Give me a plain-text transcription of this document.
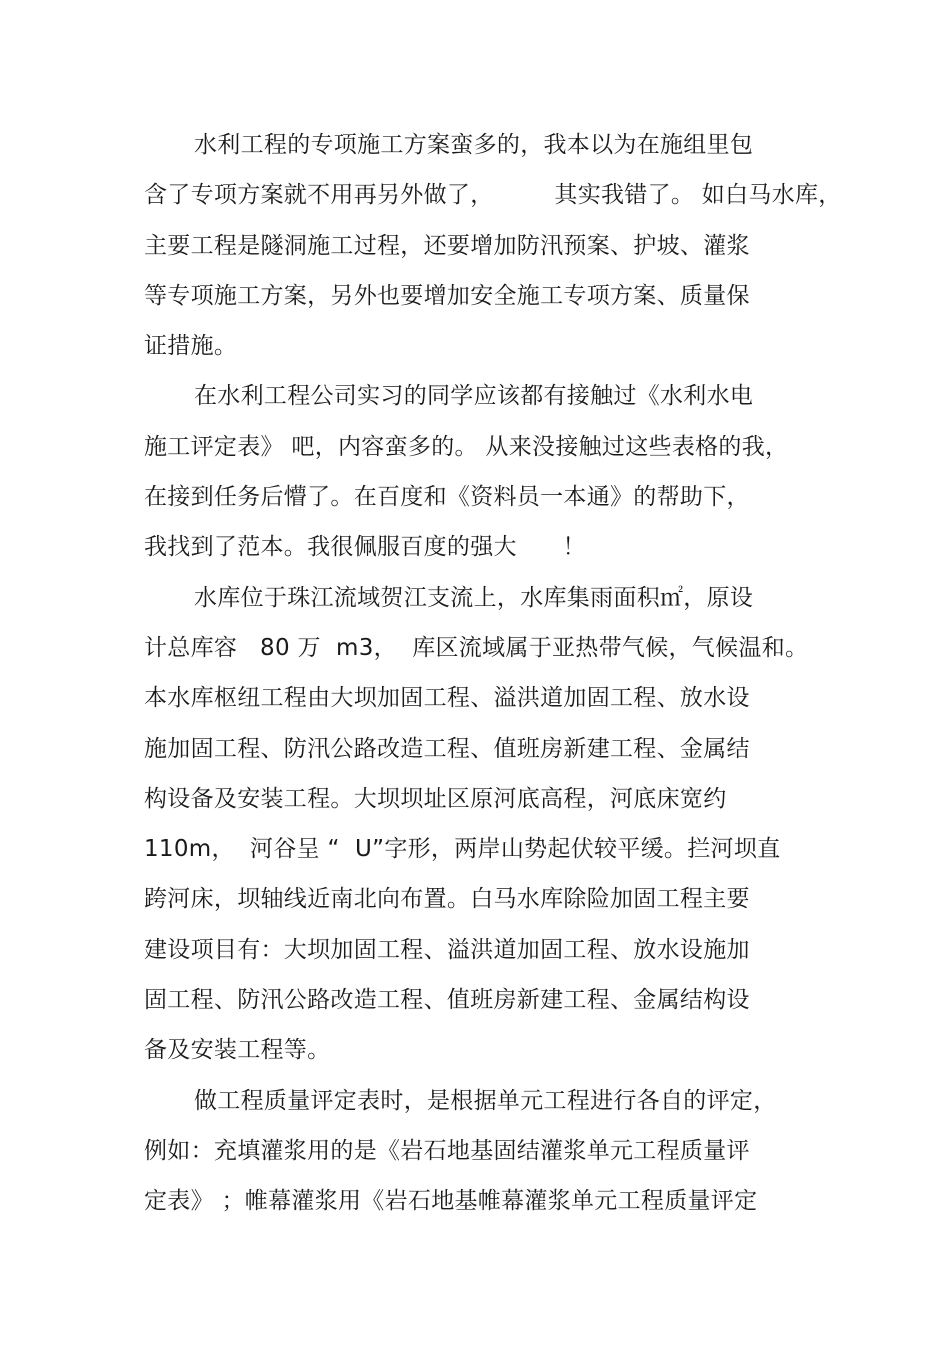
水利工程的专项施工方案蛮多的，我本以为在施组里包
含了专项方案就不用再另外做了，        其实我错了。 如白马水库，
主要工程是隧洞施工过程，还要增加防汛预案、护坡、灌浆
等专项施工方案，另外也要增加安全施工专项方案、质量保
证措施。
在水利工程公司实习的同学应该都有接触过《水利水电
施工评定表》 吧，内容蛮多的。 从来没接触过这些表格的我，
在接到任务后懵了。在百度和《资料员一本通》的帮助下，
我找到了范本。我很佩服百度的强大      ！
水库位于珠江流域贺江支流上，水库集雨面积㎡，原设
计总库容   80 万  m3，  库区流域属于亚热带气候，气候温和。
本水库枢纽工程由大坝加固工程、溢洪道加固工程、放水设
施加固工程、防汛公路改造工程、值班房新建工程、金属结
构设备及安装工程。大坝坝址区原河底高程，河底床宽约
110m，  河谷呈 “  U”字形，两岸山势起伏较平缓。拦河坝直
跨河床，坝轴线近南北向布置。白马水库除险加固工程主要
建设项目有：大坝加固工程、溢洪道加固工程、放水设施加
固工程、防汛公路改造工程、值班房新建工程、金属结构设
备及安装工程等。
做工程质量评定表时，是根据单元工程进行各自的评定，
例如：充填灌浆用的是《岩石地基固结灌浆单元工程质量评
定表》 ；帷幕灌浆用《岩石地基帷幕灌浆单元工程质量评定
